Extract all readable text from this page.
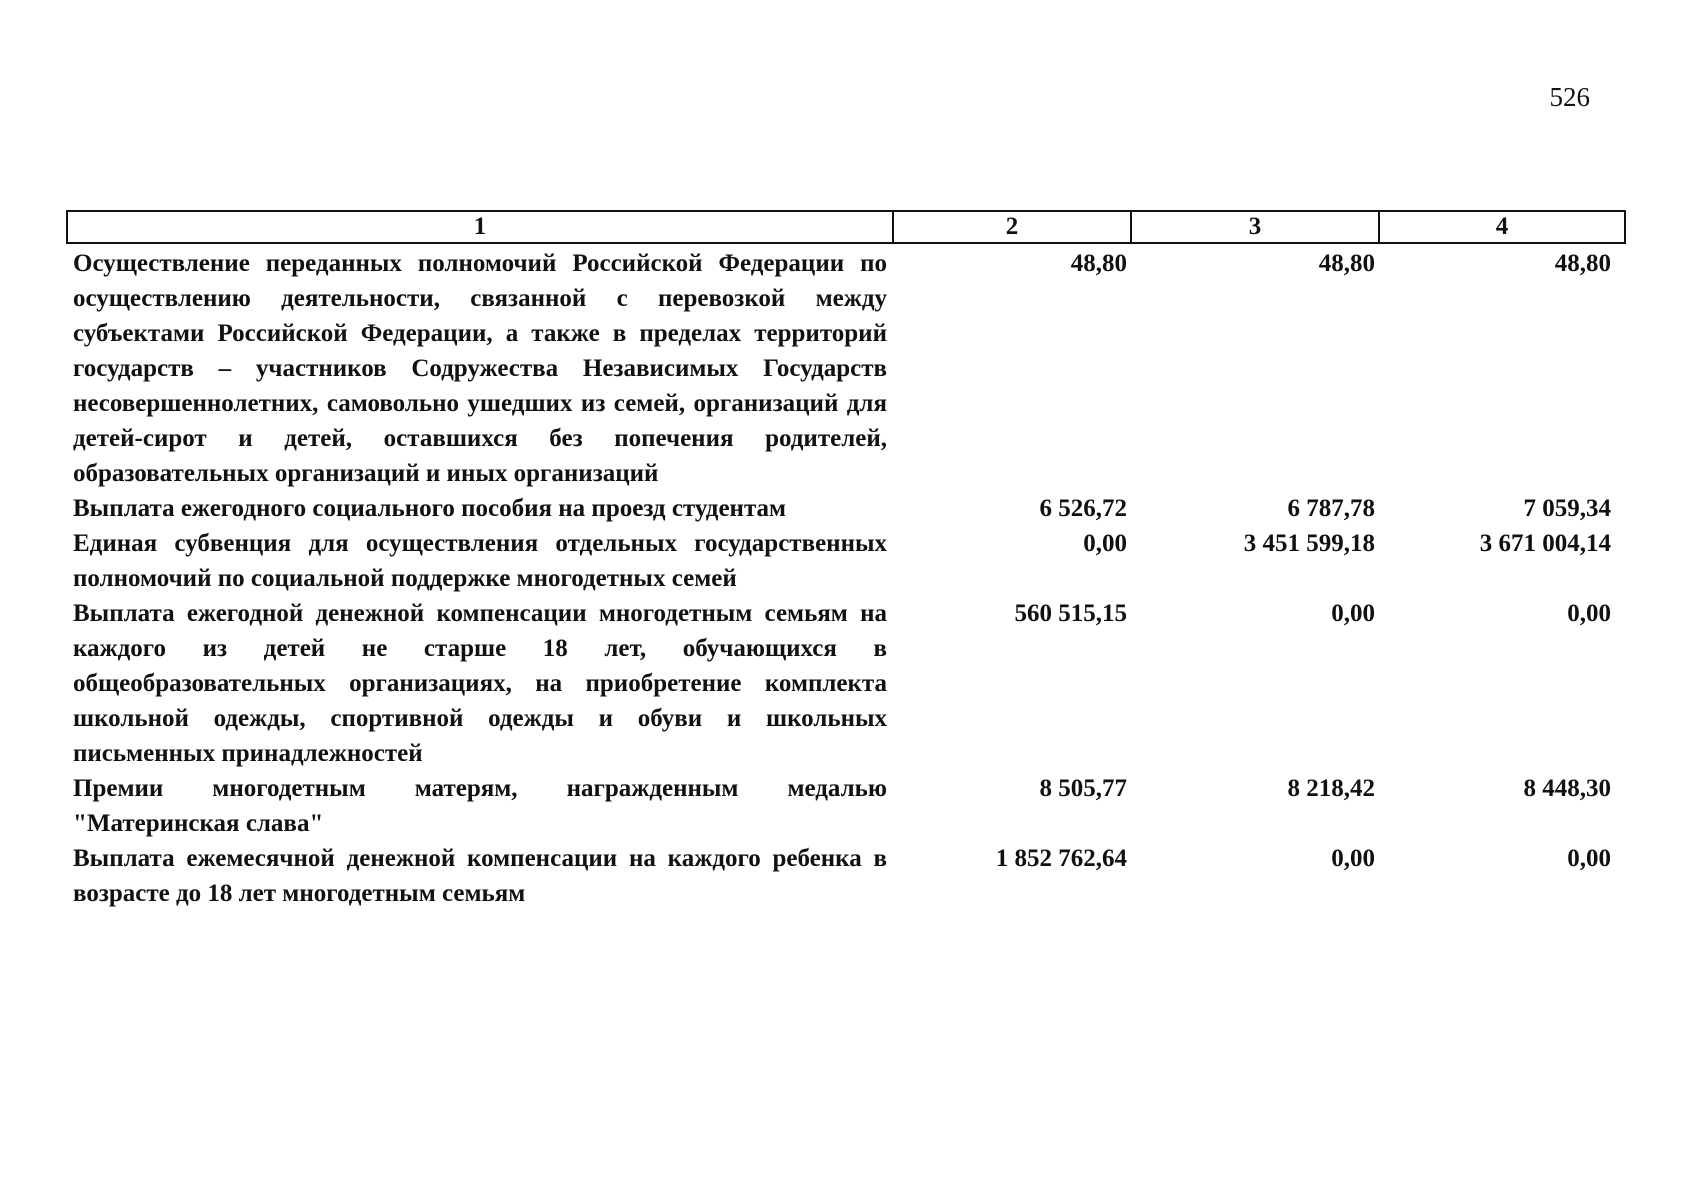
526
1	2	3	4
Осуществление переданных полномочий Российской Федерации по осуществлению деятельности, связанной с перевозкой между субъектами Российской Федерации, а также в пределах территорий государств – участников Содружества Независимых Государств несовершеннолетних, самовольно ушедших из семей, организаций для детей-сирот и детей, оставшихся без попечения родителей, образовательных организаций и иных организаций	48,80	48,80	48,80
Выплата ежегодного социального пособия на проезд студентам	6 526,72	6 787,78	7 059,34
Единая субвенция для осуществления отдельных государственных полномочий по социальной поддержке многодетных семей	0,00	3 451 599,18	3 671 004,14
Выплата ежегодной денежной компенсации многодетным семьям на каждого из детей не старше 18 лет, обучающихся в общеобразовательных организациях, на приобретение комплекта школьной одежды, спортивной одежды и обуви и школьных письменных принадлежностей	560 515,15	0,00	0,00
Премии многодетным матерям, награжденным медалью "Материнская слава"	8 505,77	8 218,42	8 448,30
Выплата ежемесячной денежной компенсации на каждого ребенка в возрасте до 18 лет многодетным семьям	1 852 762,64	0,00	0,00
